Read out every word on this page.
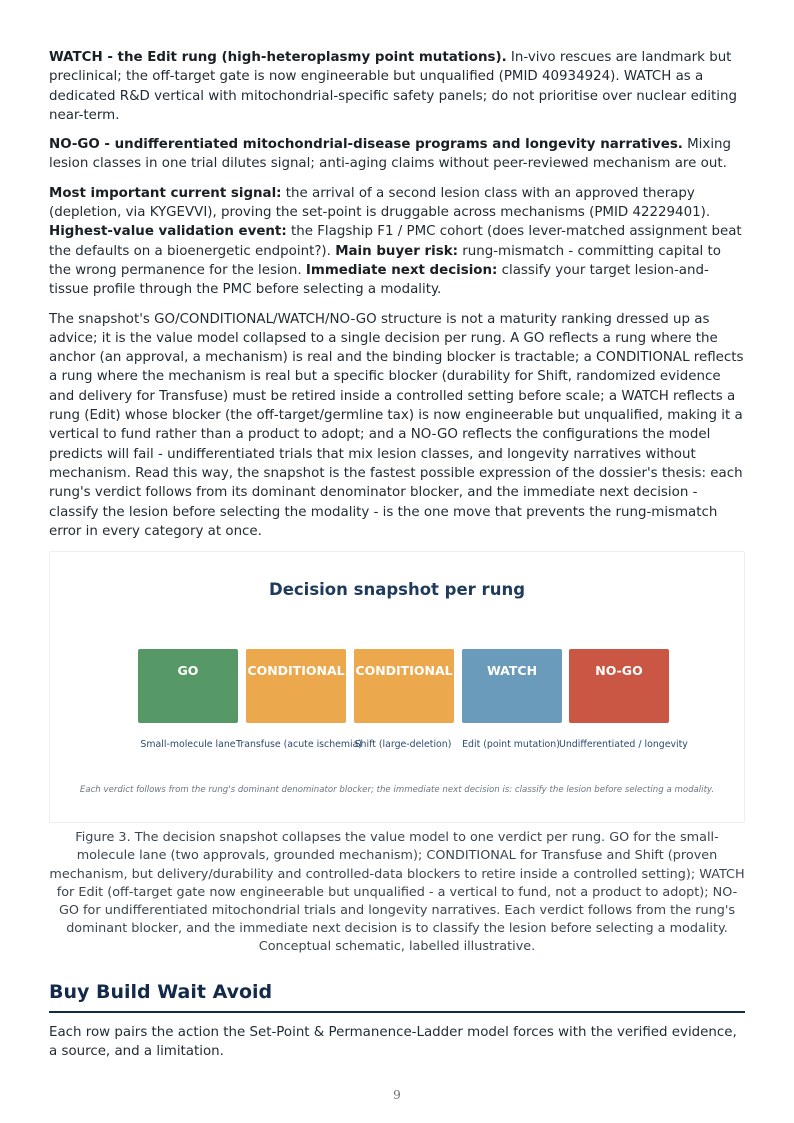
WATCH - the Edit rung (high-heteroplasmy point mutations). In-vivo rescues are landmark but preclinical; the off-target gate is now engineerable but unqualified (PMID 40934924). WATCH as a dedicated R&D vertical with mitochondrial-specific safety panels; do not prioritise over nuclear editing near-term.

NO-GO - undifferentiated mitochondrial-disease programs and longevity narratives. Mixing lesion classes in one trial dilutes signal; anti-aging claims without peer-reviewed mechanism are out.

Most important current signal: the arrival of a second lesion class with an approved therapy (depletion, via KYGEVVI), proving the set-point is druggable across mechanisms (PMID 42229401). Highest-value validation event: the Flagship F1 / PMC cohort (does lever-matched assignment beat the defaults on a bioenergetic endpoint?). Main buyer risk: rung-mismatch - committing capital to the wrong permanence for the lesion. Immediate next decision: classify your target lesion-and-tissue profile through the PMC before selecting a modality.

The snapshot's GO/CONDITIONAL/WATCH/NO-GO structure is not a maturity ranking dressed up as advice; it is the value model collapsed to a single decision per rung. A GO reflects a rung where the anchor (an approval, a mechanism) is real and the binding blocker is tractable; a CONDITIONAL reflects a rung where the mechanism is real but a specific blocker (durability for Shift, randomized evidence and delivery for Transfuse) must be retired inside a controlled setting before scale; a WATCH reflects a rung (Edit) whose blocker (the off-target/germline tax) is now engineerable but unqualified, making it a vertical to fund rather than a product to adopt; and a NO-GO reflects the configurations the model predicts will fail - undifferentiated trials that mix lesion classes, and longevity narratives without mechanism. Read this way, the snapshot is the fastest possible expression of the dossier's thesis: each rung's verdict follows from its dominant denominator blocker, and the immediate next decision - classify the lesion before selecting the modality - is the one move that prevents the rung-mismatch error in every category at once.

Decision snapshot per rung
GO	CONDITIONAL CONDITIONAL	WATCH	NO-GO
Small-molecule lane Transfuse (acute ischemia)
Shift (large-deletion)	Edit (point mutation) Undifferentiated / longevity
Each verdict follows from the rung's dominant denominator blocker; the immediate next decision is: classify the lesion before selecting a modality.
Figure 3. The decision snapshot collapses the value model to one verdict per rung. GO for the small-molecule lane (two approvals, grounded mechanism); CONDITIONAL for Transfuse and Shift (proven mechanism, but delivery/durability and controlled-data blockers to retire inside a controlled setting); WATCH for Edit (off-target gate now engineerable but unqualified - a vertical to fund, not a product to adopt); NO-GO for undifferentiated mitochondrial trials and longevity narratives. Each verdict follows from the rung's dominant blocker, and the immediate next decision is to classify the lesion before selecting a modality. Conceptual schematic, labelled illustrative.
Buy Build Wait Avoid

Each row pairs the action the Set-Point & Permanence-Ladder model forces with the verified evidence, a source, and a limitation.

9
